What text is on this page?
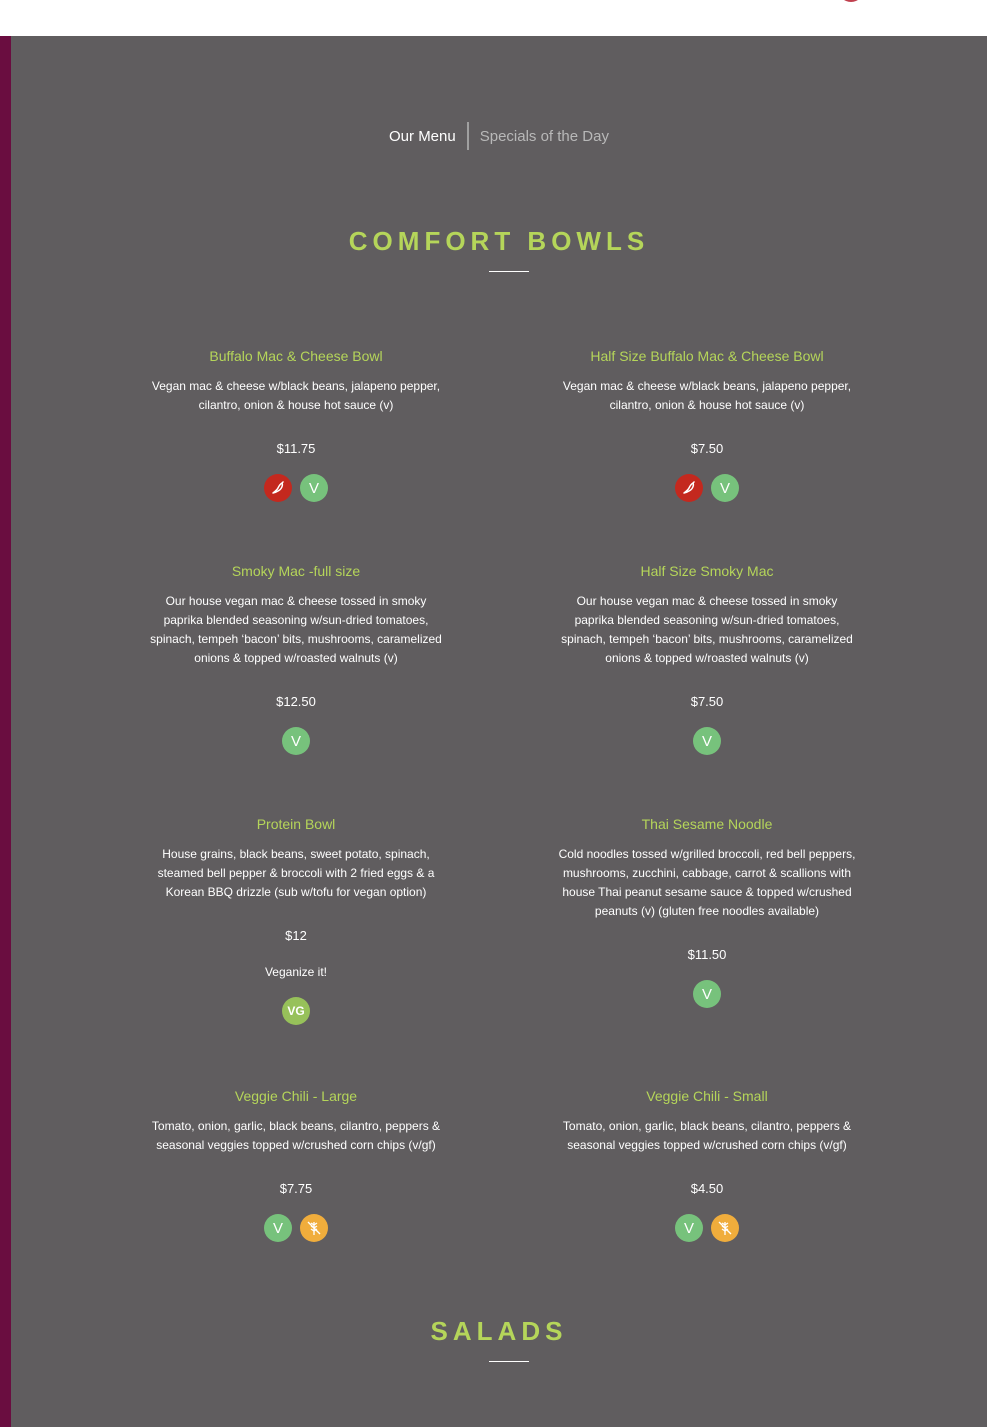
Our Menu Specials of the Day
COMFORT BOWLS
Buffalo Mac & Cheese Bowl
Vegan mac & cheese w/black beans, jalapeno pepper, cilantro, onion & house hot sauce (v)
$11.75
V
Half Size Buffalo Mac & Cheese Bowl
Vegan mac & cheese w/black beans, jalapeno pepper, cilantro, onion & house hot sauce (v)
$7.50
V
Smoky Mac -full size
Our house vegan mac & cheese tossed in smoky paprika blended seasoning w/sun-dried tomatoes, spinach, tempeh ‘bacon’ bits, mushrooms, caramelized onions & topped w/roasted walnuts (v)
$12.50
V
Half Size Smoky Mac
Our house vegan mac & cheese tossed in smoky paprika blended seasoning w/sun-dried tomatoes, spinach, tempeh ‘bacon’ bits, mushrooms, caramelized onions & topped w/roasted walnuts (v)
$7.50
V
Protein Bowl
House grains, black beans, sweet potato, spinach, steamed bell pepper & broccoli with 2 fried eggs & a Korean BBQ drizzle (sub w/tofu for vegan option)
$12
Veganize it!
VG
Thai Sesame Noodle
Cold noodles tossed w/grilled broccoli, red bell peppers, mushrooms, zucchini, cabbage, carrot & scallions with house Thai peanut sesame sauce & topped w/crushed peanuts (v) (gluten free noodles available)
$11.50
V
Veggie Chili - Large
Tomato, onion, garlic, black beans, cilantro, peppers & seasonal veggies topped w/crushed corn chips (v/gf)
$7.75
V
Veggie Chili - Small
Tomato, onion, garlic, black beans, cilantro, peppers & seasonal veggies topped w/crushed corn chips (v/gf)
$4.50
V
SALADS
